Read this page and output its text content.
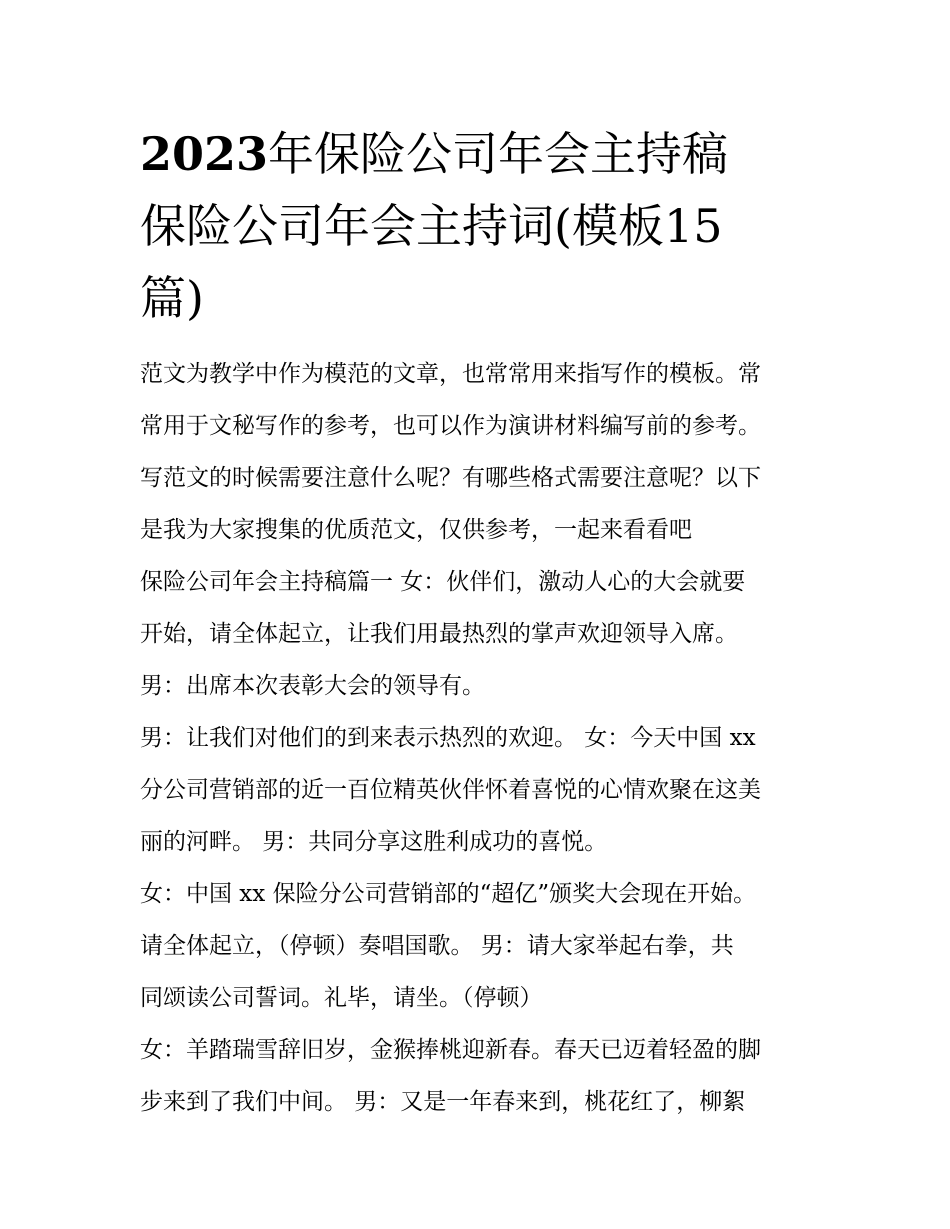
2023年保险公司年会主持稿
保险公司年会主持词(模板15
篇)

范文为教学中作为模范的文章，也常常用来指写作的模板。常

常用于文秘写作的参考，也可以作为演讲材料编写前的参考。

写范文的时候需要注意什么呢？有哪些格式需要注意呢？以下

是我为大家搜集的优质范文，仅供参考，一起来看看吧

保险公司年会主持稿篇一 女：伙伴们，激动人心的大会就要

开始，请全体起立，让我们用最热烈的掌声欢迎领导入席。

男：出席本次表彰大会的领导有。

男：让我们对他们的到来表示热烈的欢迎。 女：今天中国 xx

分公司营销部的近一百位精英伙伴怀着喜悦的心情欢聚在这美

丽的河畔。 男：共同分享这胜利成功的喜悦。

女：中国 xx 保险分公司营销部的“超亿”颁奖大会现在开始。

请全体起立，（停顿）奏唱国歌。 男：请大家举起右拳，共

同颂读公司誓词。礼毕，请坐。（停顿）

女：羊踏瑞雪辞旧岁，金猴捧桃迎新春。春天已迈着轻盈的脚

步来到了我们中间。 男：又是一年春来到，桃花红了，柳絮
